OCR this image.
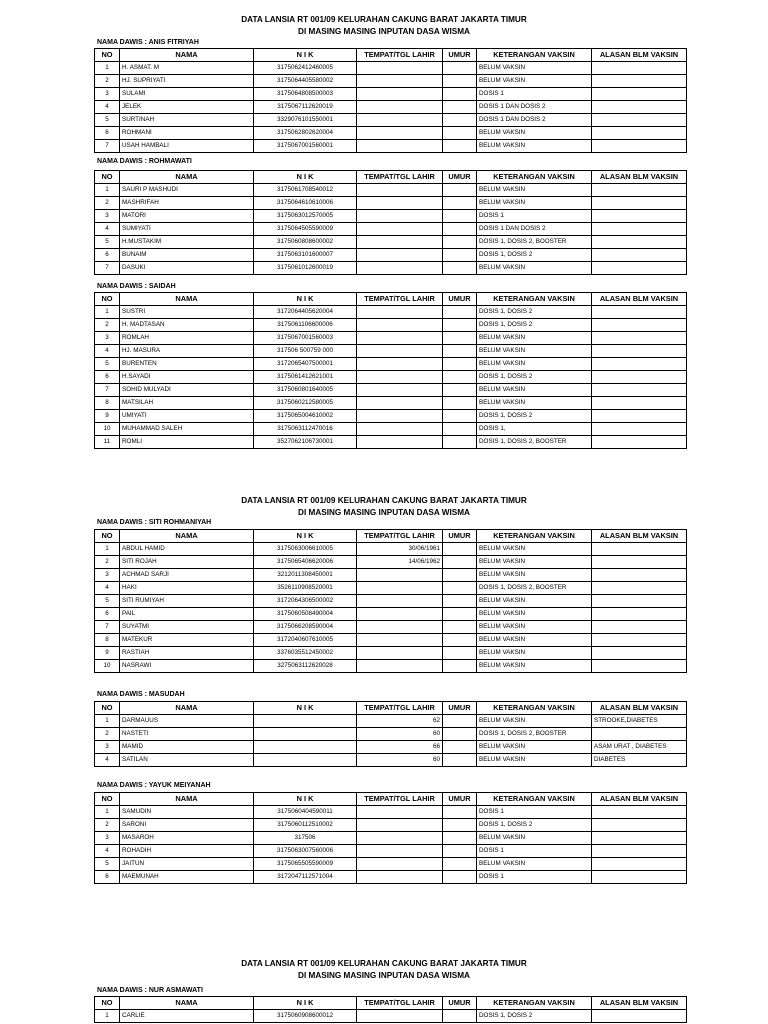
DATA LANSIA RT 001/09 KELURAHAN CAKUNG BARAT JAKARTA TIMUR
DI MASING MASING INPUTAN DASA WISMA
NAMA DAWIS : ANIS FITRIYAH
NO	NAMA	N I K	TEMPAT/TGL LAHIR	UMUR	KETERANGAN VAKSIN	ALASAN BLM VAKSIN
1	H. ASMAT. M	3175062412460005			BELUM VAKSIN	
2	HJ. SUPRIYATI	3175064405580002			BELUM VAKSIN	
3	SULAMI	3175064808500003			DOSIS 1	
4	JELEK	3175067112620019			DOSIS 1 DAN DOSIS 2	
5	SURTINAH	3329076101550001			DOSIS 1 DAN DOSIS 2	
6	ROHMANI	3175062802620004			BELUM VAKSIN	
7	USAH HAMBALI	3175067001560001			BELUM VAKSIN	
NAMA DAWIS : ROHMAWATI
NO	NAMA	N I K	TEMPAT/TGL LAHIR	UMUR	KETERANGAN VAKSIN	ALASAN BLM VAKSIN
1	SAURI P MASHUDI	3175061708540012			BELUM VAKSIN	
2	MASHRIFAH	3175064610610006			BELUM VAKSIN	
3	MATORI	3175063012570005			DOSIS 1	
4	SUMIYATI	3175064505590009			DOSIS 1 DAN DOSIS 2	
5	H.MUSTAKIM	3175060808600002			DOSIS 1, DOSIS 2, BOOSTER	
6	BUNAIM	3175063101600007			DOSIS 1, DOSIS 2	
7	DASUKI	3175061012600019			BELUM VAKSIN	
NAMA DAWIS : SAIDAH
NO	NAMA	N I K	TEMPAT/TGL LAHIR	UMUR	KETERANGAN VAKSIN	ALASAN BLM VAKSIN
1	SUSTRI	3172064405620004			DOSIS 1, DOSIS 2	
2	H. MADTASAN	3175061106600006			DOSIS 1, DOSIS 2	
3	ROMLAH	3175067001560003			BELUM VAKSIN	
4	HJ. MASURA	317506 500759 000			BELUM VAKSIN	
5	BURENTEN	3172065407500001			BELUM VAKSIN	
6	H.SAYADI	3175061412621001			DOSIS 1, DOSIS 2	
7	SOHID MULYADI	3175060801640005			BELUM VAKSIN	
8	MATSILAH	3175060212580005			BELUM VAKSIN	
9	UMIYATI	3175065004610002			DOSIS 1, DOSIS 2	
10	MUHAMMAD SALEH	3175063112470016			DOSIS 1,	
11	ROMLI	3527062106730001			DOSIS 1, DOSIS 2, BOOSTER	
DATA LANSIA RT 001/09 KELURAHAN CAKUNG BARAT JAKARTA TIMUR
DI MASING MASING INPUTAN DASA WISMA
NAMA DAWIS : SITI ROHMANIYAH
NO	NAMA	N I K	TEMPAT/TGL LAHIR	UMUR	KETERANGAN VAKSIN	ALASAN BLM VAKSIN
1	ABDUL HAMID	3175063006610005	30/06/1961		BELUM VAKSIN	
2	SITI ROJAH	3175065406620006	14/06/1962		BELUM VAKSIN	
3	ACHMAD SARJI	3212011308450001			BELUM VAKSIN	
4	HAKI	3526110908520001			DOSIS 1, DOSIS 2, BOOSTER	
5	SITI RUMIYAH	3172064306500002			BELUM VAKSIN	
6	PAIL	3175060508490004			BELUM VAKSIN	
7	SUYATMI	3175066208590004			BELUM VAKSIN	
8	MATEKUR	3172040607610005			BELUM VAKSIN	
9	RASTIAH	3376035512450002			BELUM VAKSIN	
10	NASRAWI	3275063112620028			BELUM VAKSIN	
NAMA DAWIS : MASUDAH
NO	NAMA	N I K	TEMPAT/TGL LAHIR	UMUR	KETERANGAN VAKSIN	ALASAN BLM VAKSIN
1	DARMAUUS		62		BELUM VAKSIN	STROOKE,DIABETES
2	NASTETI		60		DOSIS 1, DOSIS 2, BOOSTER	
3	MAMID		66		BELUM VAKSIN	ASAM URAT , DIABETES
4	SATILAN		60		BELUM VAKSIN	DIABETES
NAMA DAWIS : YAYUK MEIYANAH
NO	NAMA	N I K	TEMPAT/TGL LAHIR	UMUR	KETERANGAN VAKSIN	ALASAN BLM VAKSIN
1	SAMUDIN	3175060404590011			DOSIS 1	
2	SARONI	3175060112510002			DOSIS 1, DOSIS 2	
3	MASAROH	317506			BELUM VAKSIN	
4	ROHADIH	3175063007560006			DOSIS 1	
5	JAITUN	3175065505590009			BELUM VAKSIN	
6	MAEMUNAH	3172047112571004			DOSIS 1	
DATA LANSIA RT 001/09 KELURAHAN CAKUNG BARAT JAKARTA TIMUR
DI MASING MASING INPUTAN DASA WISMA
NAMA DAWIS : NUR ASMAWATI
NO	NAMA	N I K	TEMPAT/TGL LAHIR	UMUR	KETERANGAN VAKSIN	ALASAN BLM VAKSIN
1	CARLIE	3175060908600012			DOSIS 1, DOSIS 2	
